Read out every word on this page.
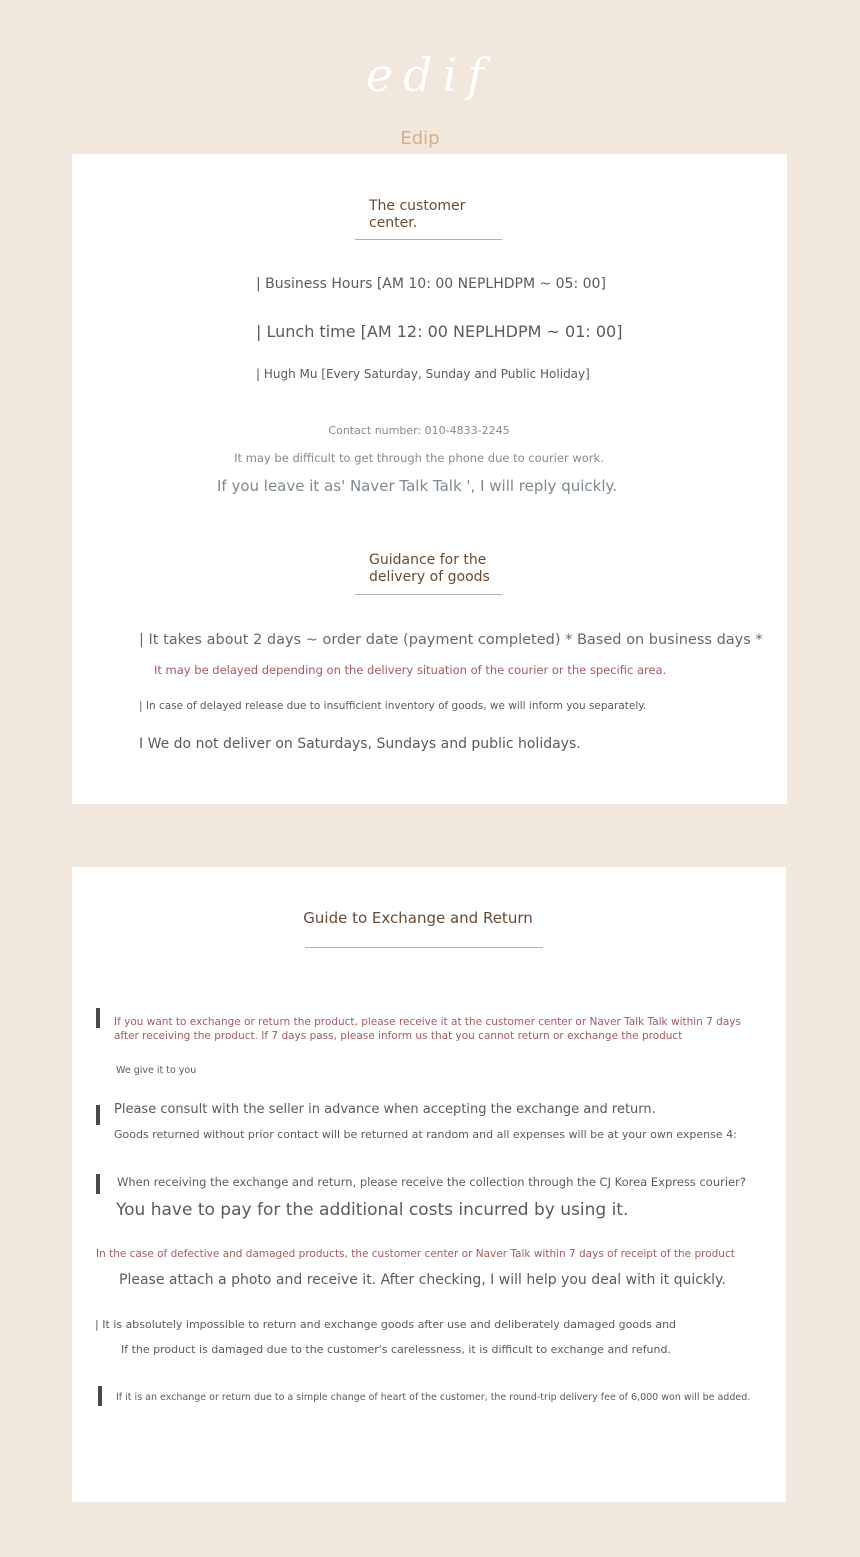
edif
Edip
The customer
center.
| Business Hours [AM 10: 00 NEPLHDPM ~ 05: 00]
| Lunch time [AM 12: 00 NEPLHDPM ~ 01: 00]
| Hugh Mu [Every Saturday, Sunday and Public Holiday]
Contact number: 010-4833-2245
It may be difficult to get through the phone due to courier work.
If you leave it as' Naver Talk Talk ', I will reply quickly.
Guidance for the
delivery of goods
| It takes about 2 days ~ order date (payment completed) * Based on business days *
It may be delayed depending on the delivery situation of the courier or the specific area.
| In case of delayed release due to insufficient inventory of goods, we will inform you separately.
I We do not deliver on Saturdays, Sundays and public holidays.
Guide to Exchange and Return
If you want to exchange or return the product, please receive it at the customer center or Naver Talk Talk within 7 days
after receiving the product. If 7 days pass, please inform us that you cannot return or exchange the product
We give it to you
Please consult with the seller in advance when accepting the exchange and return.
Goods returned without prior contact will be returned at random and all expenses will be at your own expense 4:
When receiving the exchange and return, please receive the collection through the CJ Korea Express courier?
You have to pay for the additional costs incurred by using it.
In the case of defective and damaged products, the customer center or Naver Talk within 7 days of receipt of the product
Please attach a photo and receive it. After checking, I will help you deal with it quickly.
| It is absolutely impossible to return and exchange goods after use and deliberately damaged goods and
If the product is damaged due to the customer's carelessness, it is difficult to exchange and refund.
If it is an exchange or return due to a simple change of heart of the customer, the round-trip delivery fee of 6,000 won will be added.
